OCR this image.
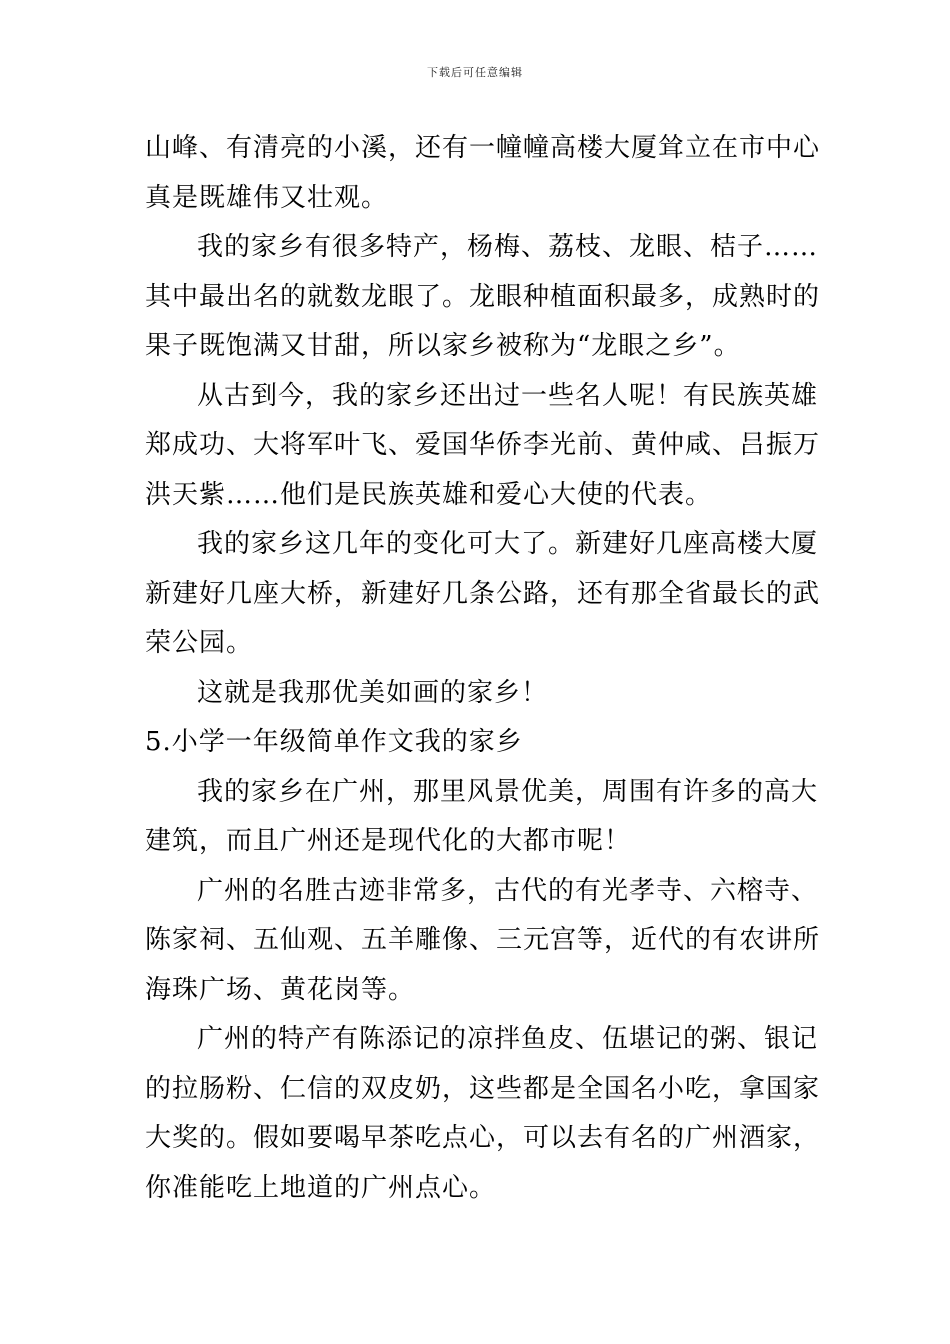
下载后可任意编辑
山峰、有清亮的小溪，还有一幢幢高楼大厦耸立在市中心
真是既雄伟又壮观。
我的家乡有很多特产，杨梅、荔枝、龙眼、桔子……
其中最出名的就数龙眼了。龙眼种植面积最多，成熟时的
果子既饱满又甘甜，所以家乡被称为“龙眼之乡”。
从古到今，我的家乡还出过一些名人呢！有民族英雄
郑成功、大将军叶飞、爱国华侨李光前、黄仲咸、吕振万
洪天紫……他们是民族英雄和爱心大使的代表。
我的家乡这几年的变化可大了。新建好几座高楼大厦
新建好几座大桥，新建好几条公路，还有那全省最长的武
荣公园。
这就是我那优美如画的家乡！
5.小学一年级简单作文我的家乡
我的家乡在广州，那里风景优美，周围有许多的高大
建筑，而且广州还是现代化的大都市呢！
广州的名胜古迹非常多，古代的有光孝寺、六榕寺、
陈家祠、五仙观、五羊雕像、三元宫等，近代的有农讲所
海珠广场、黄花岗等。
广州的特产有陈添记的凉拌鱼皮、伍堪记的粥、银记
的拉肠粉、仁信的双皮奶，这些都是全国名小吃，拿国家
大奖的。假如要喝早茶吃点心，可以去有名的广州酒家，
你准能吃上地道的广州点心。
